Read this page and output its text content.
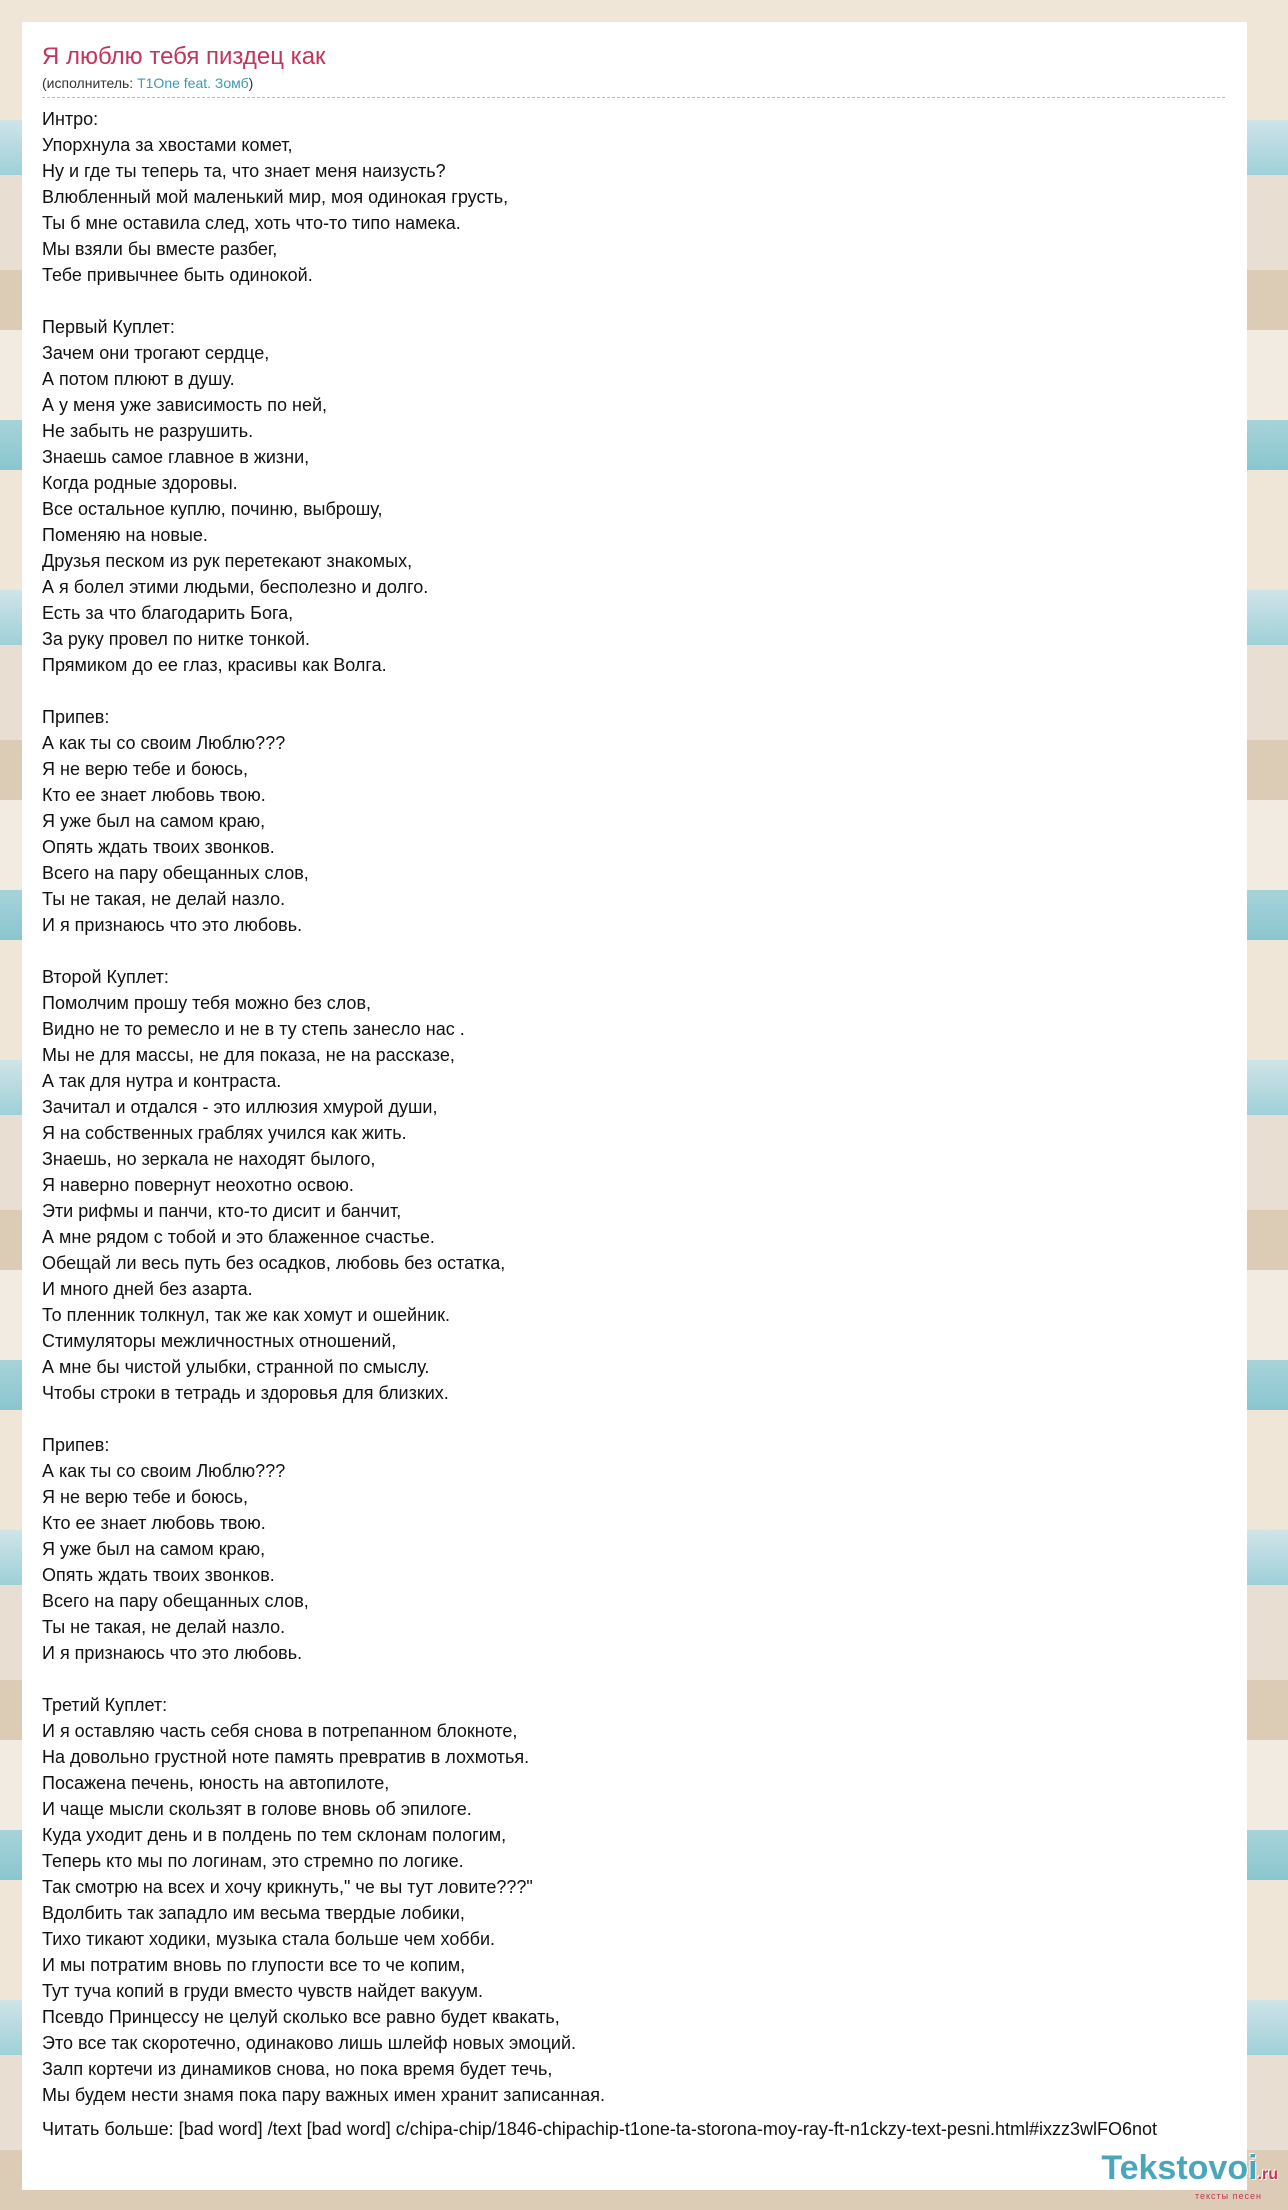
Я люблю тебя пиздец как
(исполнитель: T1One feat. Зомб)
Интро:
Упорхнула за хвостами комет,
Ну и где ты теперь та, что знает меня наизусть?
Влюбленный мой маленький мир, моя одинокая грусть,
Ты б мне оставила след, хоть что-то типо намека.
Мы взяли бы вместе разбег,
Тебе привычнее быть одинокой.
Первый Куплет:
Зачем они трогают сердце,
А потом плюют в душу.
А у меня уже зависимость по ней,
Не забыть не разрушить.
Знаешь самое главное в жизни,
Когда родные здоровы.
Все остальное куплю, починю, выброшу,
Поменяю на новые.
Друзья песком из рук перетекают знакомых,
А я болел этими людьми, бесполезно и долго.
Есть за что благодарить Бога,
За руку провел по нитке тонкой.
Прямиком до ее глаз, красивы как Волга.
Припев:
А как ты со своим Люблю???
Я не верю тебе и боюсь,
Кто ее знает любовь твою.
Я уже был на самом краю,
Опять ждать твоих звонков.
Всего на пару обещанных слов,
Ты не такая, не делай назло.
И я признаюсь что это любовь.
Второй Куплет:
Помолчим прошу тебя можно без слов,
Видно не то ремесло и не в ту степь занесло нас .
Мы не для массы, не для показа, не на рассказе,
А так для нутра и контраста.
Зачитал и отдался - это иллюзия хмурой души,
Я на собственных граблях учился как жить.
Знаешь, но зеркала не находят былого,
Я наверно повернут неохотно освою.
Эти рифмы и панчи, кто-то дисит и банчит,
А мне рядом с тобой и это блаженное счастье.
Обещай ли весь путь без осадков, любовь без остатка,
И много дней без азарта.
То пленник толкнул, так же как хомут и ошейник.
Стимуляторы межличностных отношений,
А мне бы чистой улыбки, странной по смыслу.
Чтобы строки в тетрадь и здоровья для близких.
Припев:
А как ты со своим Люблю???
Я не верю тебе и боюсь,
Кто ее знает любовь твою.
Я уже был на самом краю,
Опять ждать твоих звонков.
Всего на пару обещанных слов,
Ты не такая, не делай назло.
И я признаюсь что это любовь.
Третий Куплет:
И я оставляю часть себя снова в потрепанном блокноте,
На довольно грустной ноте память превратив в лохмотья.
Посажена печень, юность на автопилоте,
И чаще мысли скользят в голове вновь об эпилоге.
Куда уходит день и в полдень по тем склонам пологим,
Теперь кто мы по логинам, это стремно по логике.
Так смотрю на всех и хочу крикнуть," че вы тут ловите???"
Вдолбить так западло им весьма твердые лобики,
Тихо тикают ходики, музыка стала больше чем хобби.
И мы потратим вновь по глупости все то че копим,
Тут туча копий в груди вместо чувств найдет вакуум.
Псевдо Принцессу не целуй сколько все равно будет квакать,
Это все так скоротечно, одинаково лишь шлейф новых эмоций.
Залп кортечи из динамиков снова, но пока время будет течь,
Мы будем нести знамя пока пару важных имен хранит записанная.
Читать больше: [bad word] /text [bad word] c/chipa-chip/1846-chipachip-t1one-ta-storona-moy-ray-ft-n1ckzy-text-pesni.html#ixzz3wlFO6not
Tekstovoi.ru
тексты песен
